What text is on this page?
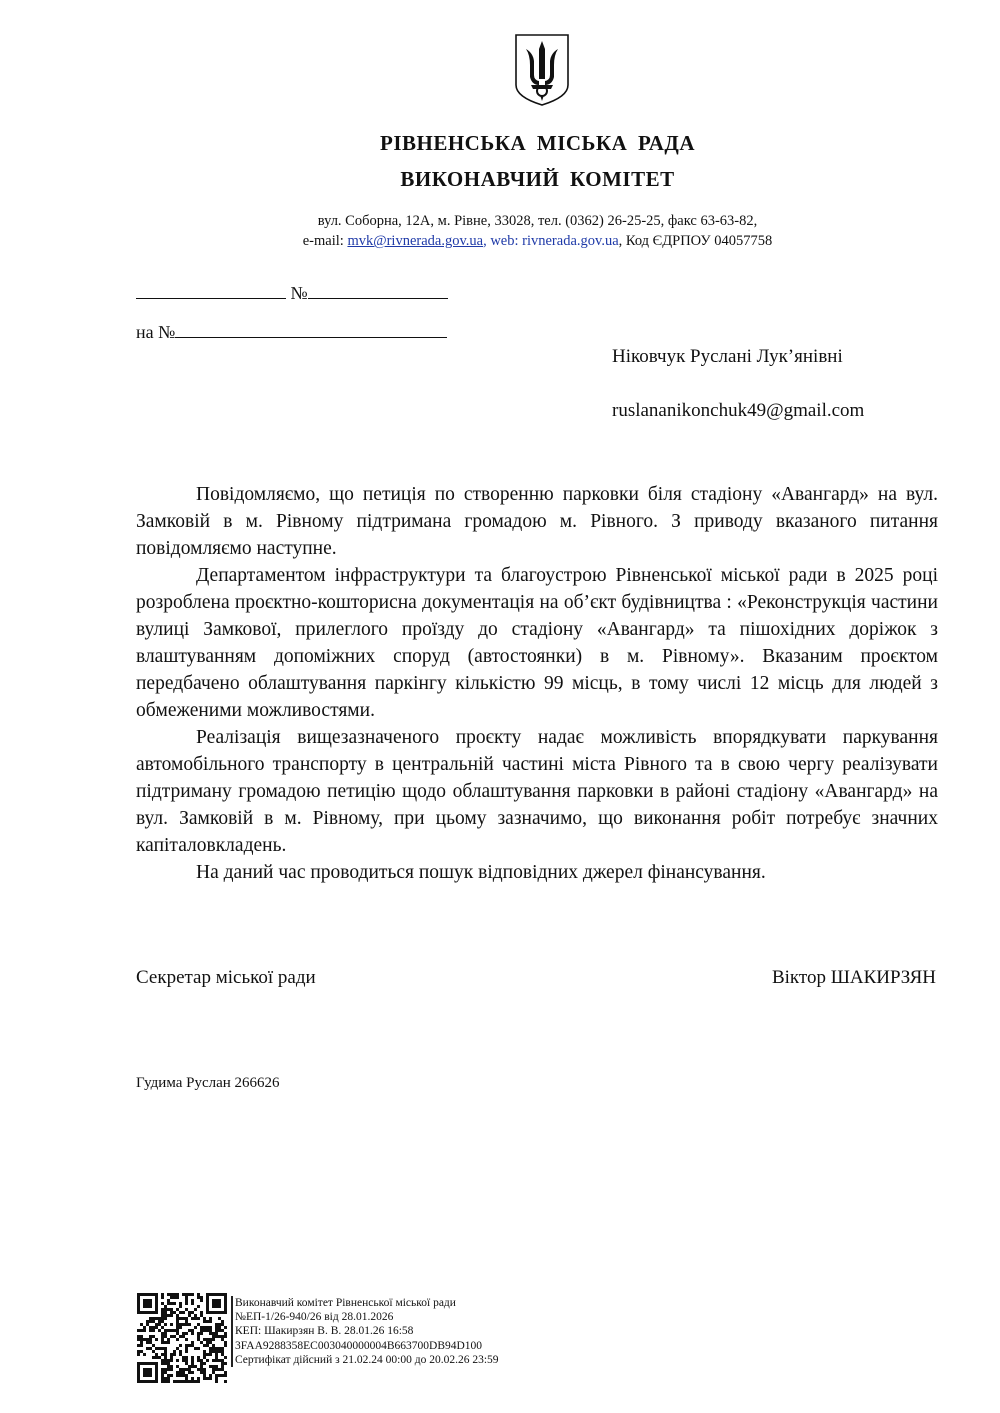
РІВНЕНСЬКА МІСЬКА РАДА
ВИКОНАВЧИЙ КОМІТЕТ
вул. Соборна, 12А, м. Рівне, 33028, тел. (0362) 26-25-25, факс 63-63-82,
e-mail: mvk@rivnerada.gov.ua, web: rivnerada.gov.ua, Код ЄДРПОУ 04057758
№
на №
Ніковчук Руслані Лук’янівні
ruslananikonchuk49@gmail.com

Повідомляємо, що петиція по створенню парковки біля стадіону «Авангард» на вул. Замковій в м. Рівному підтримана громадою м. Рівного. З приводу вказаного питання повідомляємо наступне.

Департаментом інфраструктури та благоустрою Рівненської міської ради в 2025 році розроблена проєктно-кошторисна документація на об’єкт будівництва : «Реконструкція частини вулиці Замкової, прилеглого проїзду до стадіону «Авангард» та пішохідних доріжок з влаштуванням допоміжних споруд (автостоянки) в м. Рівному». Вказаним проєктом передбачено облаштування паркінгу кількістю 99 місць, в тому числі 12 місць для людей з обмеженими можливостями.

Реалізація вищезазначеного проєкту надає можливість впорядкувати паркування автомобільного транспорту в центральній частині міста Рівного та в свою чергу реалізувати підтриману громадою петицію щодо облаштування парковки в районі стадіону «Авангард» на вул. Замковій в м. Рівному, при цьому зазначимо, що виконання робіт потребує значних капіталовкладень.

На даний час проводиться пошук відповідних джерел фінансування.

Секретар міської ради	Віктор ШАКИРЗЯН
Гудима Руслан 266626
Виконавчий комітет Рівненської міської ради
№ЕП-1/26-940/26 від 28.01.2026
КЕП: Шакирзян В. В. 28.01.26 16:58
3FAA9288358EC003040000004B663700DB94D100
Сертифікат дійсний з 21.02.24 00:00 до 20.02.26 23:59
